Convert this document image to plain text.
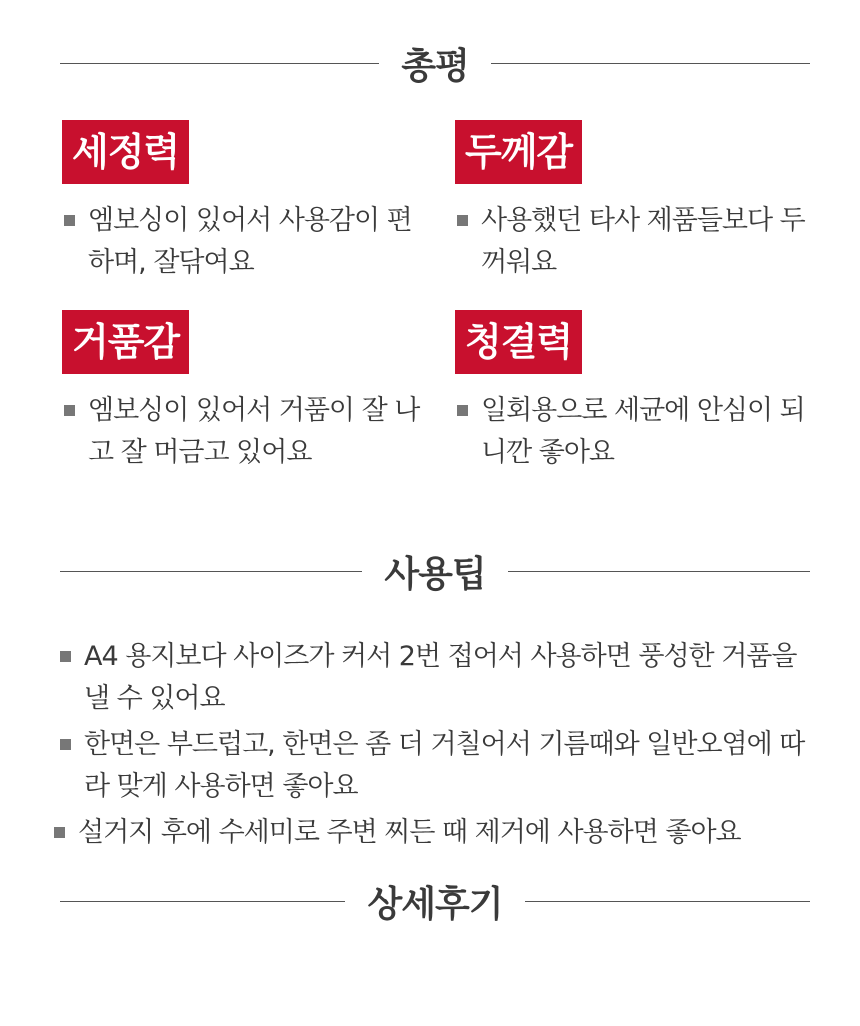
총평
세정력
엠보싱이 있어서 사용감이 편하며, 잘닦여요
두께감
사용했던 타사 제품들보다 두꺼워요
거품감
엠보싱이 있어서 거품이 잘 나고 잘 머금고 있어요
청결력
일회용으로 세균에 안심이 되니깐 좋아요
사용팁
A4 용지보다 사이즈가 커서 2번 접어서 사용하면 풍성한 거품을 낼 수 있어요
한면은 부드럽고, 한면은 좀 더 거칠어서 기름때와 일반오염에 따라 맞게 사용하면 좋아요
설거지 후에 수세미로 주변 찌든 때 제거에 사용하면 좋아요
상세후기
